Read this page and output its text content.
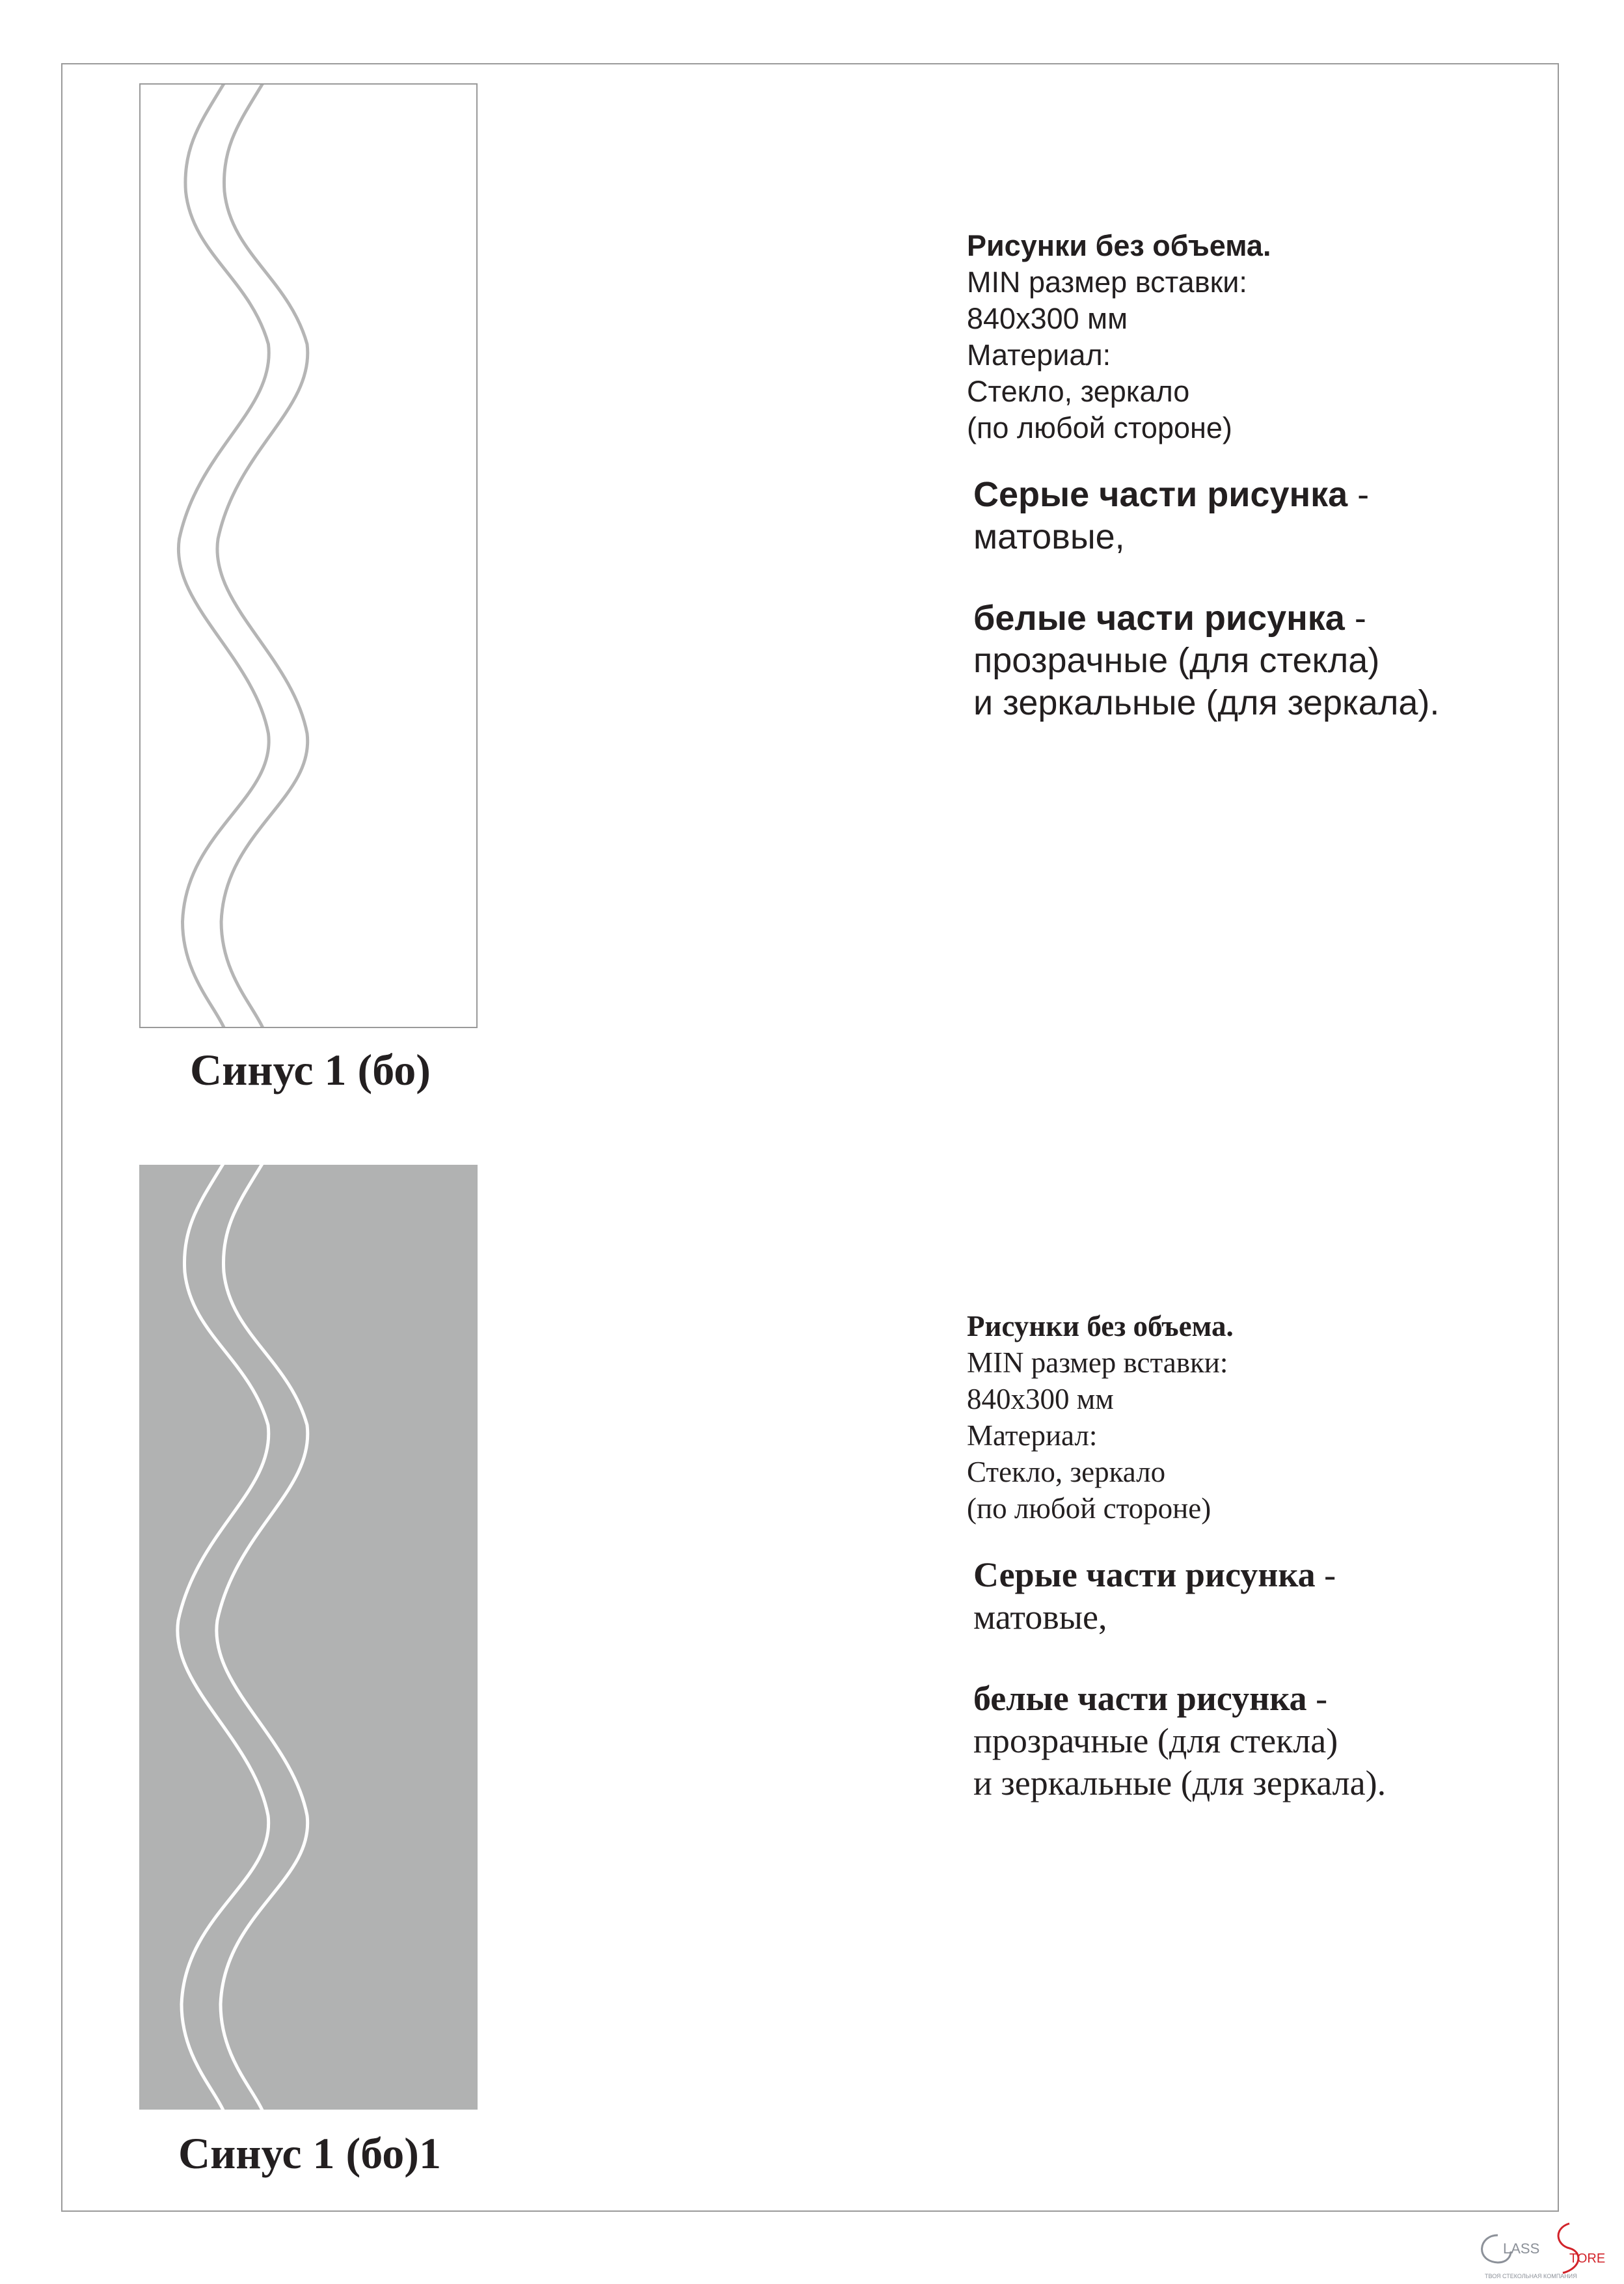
Синус 1 (бо)
Синус 1 (бо)1
Рисунки без объема.
MIN размер вставки:
840x300 мм
Материал:
Стекло, зеркало
(по любой стороне)
Серые части рисунка -
матовые,
белые части рисунка -
прозрачные (для стекла)
и зеркальные (для зеркала).
Рисунки без объема.
MIN размер вставки:
840x300 мм
Материал:
Стекло, зеркало
(по любой стороне)
Серые части рисунка -
матовые,
белые части рисунка -
прозрачные (для стекла)
и зеркальные (для зеркала).
LASS
TORE
ТВОЯ СТЕКОЛЬНАЯ КОМПАНИЯ
